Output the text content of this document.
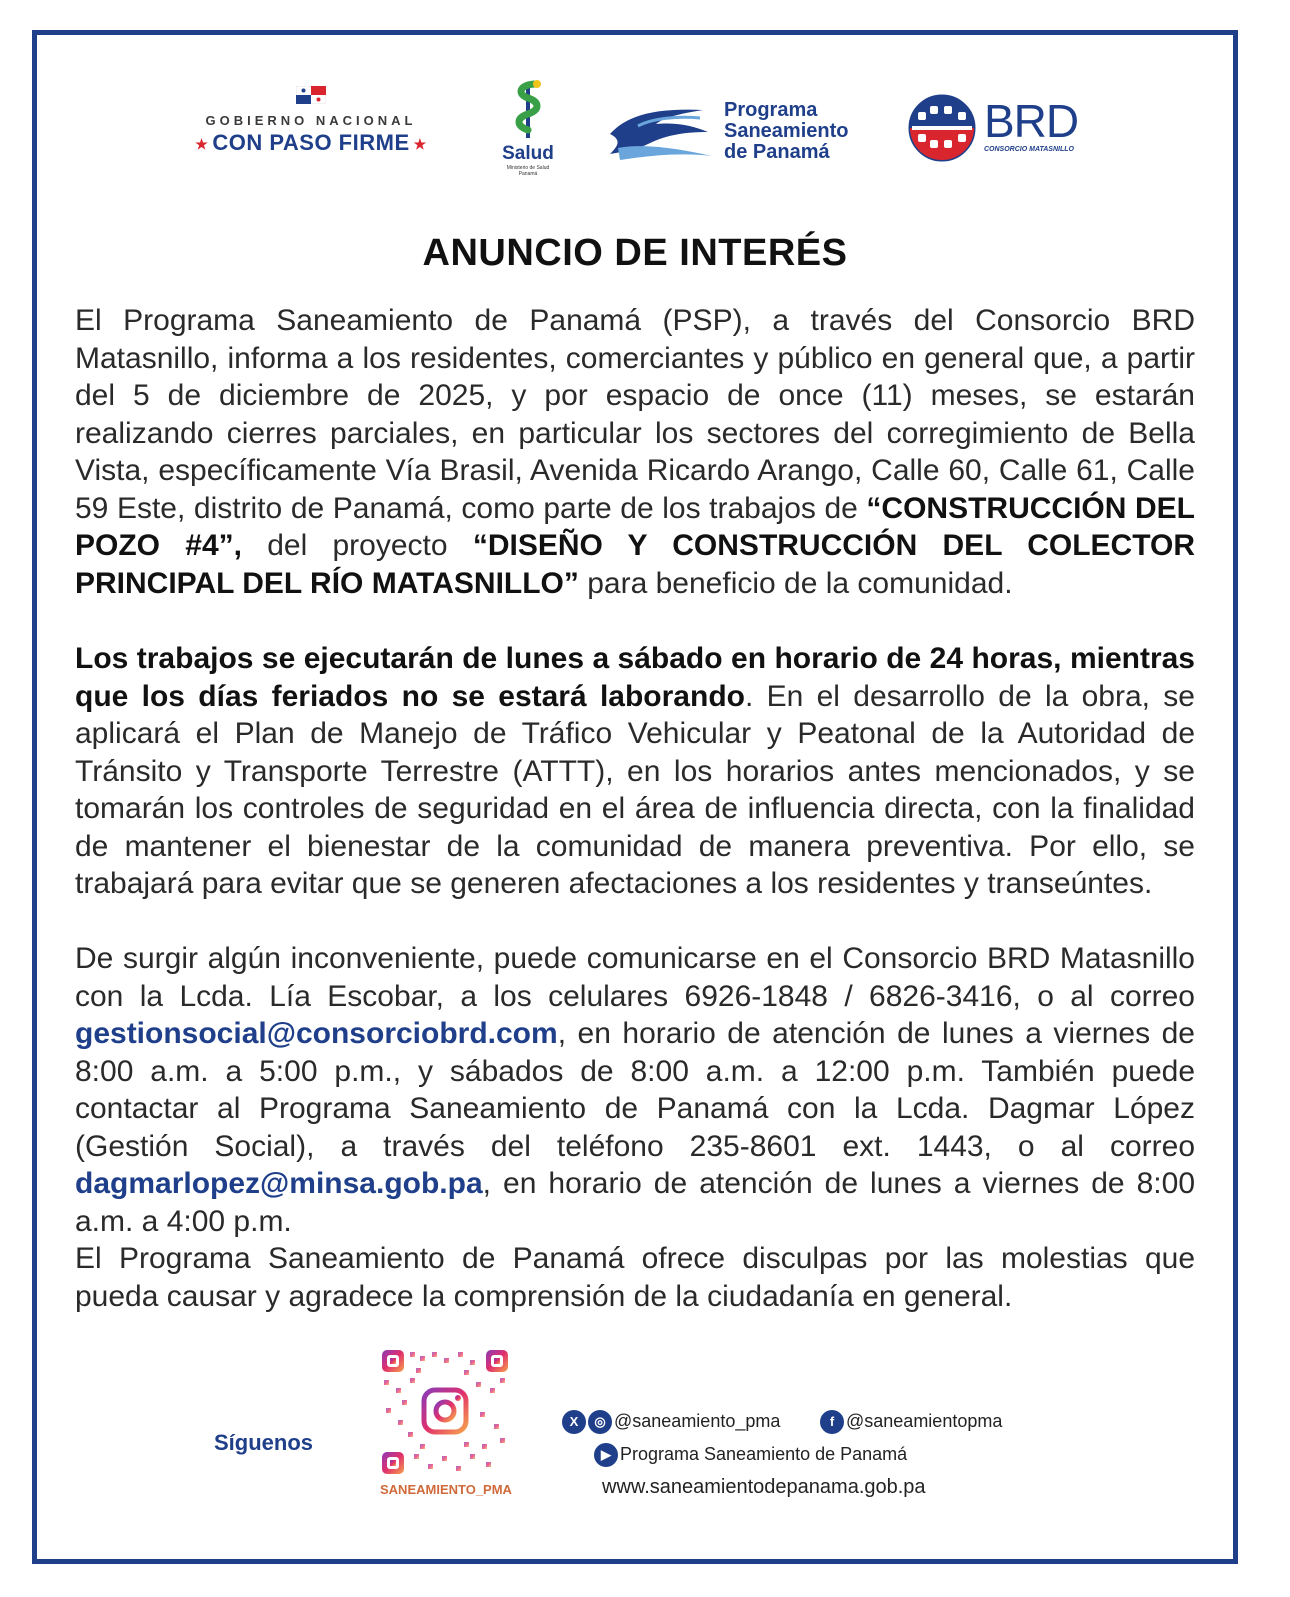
GOBIERNO NACIONAL
★ CON PASO FIRME ★	Salud
Ministerio de Salud
Panamá
Programa
Saneamiento
de Panamá
BRD
CONSORCIO MATASNILLO
ANUNCIO DE INTERÉS

El Programa Saneamiento de Panamá (PSP), a través del Consorcio BRD Matasnillo, informa a los residentes, comerciantes y público en general que, a partir del 5 de diciembre de 2025, y por espacio de once (11) meses, se estarán realizando cierres parciales, en particular los sectores del corregimiento de Bella Vista, específicamente Vía Brasil, Avenida Ricardo Arango, Calle 60, Calle 61, Calle 59 Este, distrito de Panamá, como parte de los trabajos de “CONSTRUCCIÓN DEL POZO #4”, del proyecto “DISEÑO Y CONSTRUCCIÓN DEL COLECTOR PRINCIPAL DEL RÍO MATASNILLO” para beneficio de la comunidad.

Los trabajos se ejecutarán de lunes a sábado en horario de 24 horas, mientras que los días feriados no se estará laborando. En el desarrollo de la obra, se aplicará el Plan de Manejo de Tráfico Vehicular y Peatonal de la Autoridad de Tránsito y Transporte Terrestre (ATTT), en los horarios antes mencionados, y se tomarán los controles de seguridad en el área de influencia directa, con la finalidad de mantener el bienestar de la comunidad de manera preventiva. Por ello, se trabajará para evitar que se generen afectaciones a los residentes y transeúntes.

De surgir algún inconveniente, puede comunicarse en el Consorcio BRD Matasnillo con la Lcda. Lía Escobar, a los celulares 6926-1848 / 6826-3416, o al correo gestionsocial@consorciobrd.com, en horario de atención de lunes a viernes de 8:00 a.m. a 5:00 p.m., y sábados de 8:00 a.m. a 12:00 p.m. También puede contactar al Programa Saneamiento de Panamá con la Lcda. Dagmar López (Gestión Social), a través del teléfono 235-8601 ext. 1443, o al correo dagmarlopez@minsa.gob.pa, en horario de atención de lunes a viernes de 8:00 a.m. a 4:00 p.m.

El Programa Saneamiento de Panamá ofrece disculpas por las molestias que pueda causar y agradece la comprensión de la ciudadanía en general.

Síguenos
SANEAMIENTO_PMA
X ◎ @saneamiento_pma	f @saneamientopma
▶ Programa Saneamiento de Panamá
www.saneamientodepanama.gob.pa
